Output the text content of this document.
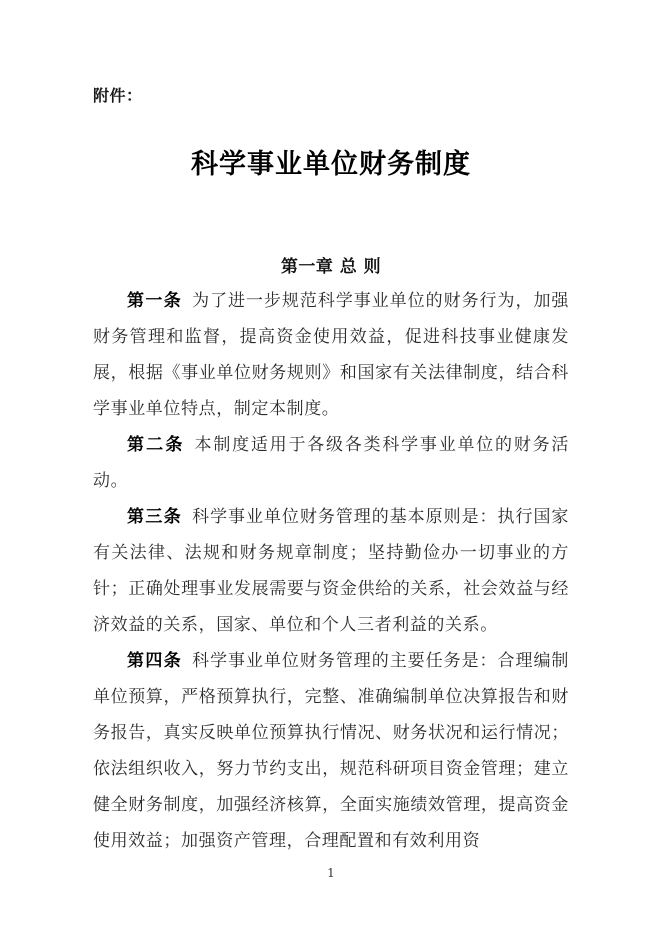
附件：
科学事业单位财务制度
第一章 总 则

第一条 为了进一步规范科学事业单位的财务行为，加强财务管理和监督，提高资金使用效益，促进科技事业健康发展，根据《事业单位财务规则》和国家有关法律制度，结合科学事业单位特点，制定本制度。

第二条 本制度适用于各级各类科学事业单位的财务活动。

第三条 科学事业单位财务管理的基本原则是：执行国家有关法律、法规和财务规章制度；坚持勤俭办一切事业的方针；正确处理事业发展需要与资金供给的关系，社会效益与经济效益的关系，国家、单位和个人三者利益的关系。

第四条 科学事业单位财务管理的主要任务是：合理编制单位预算，严格预算执行，完整、准确编制单位决算报告和财务报告，真实反映单位预算执行情况、财务状况和运行情况；依法组织收入，努力节约支出，规范科研项目资金管理；建立健全财务制度，加强经济核算，全面实施绩效管理，提高资金使用效益；加强资产管理，合理配置和有效利用资

1
